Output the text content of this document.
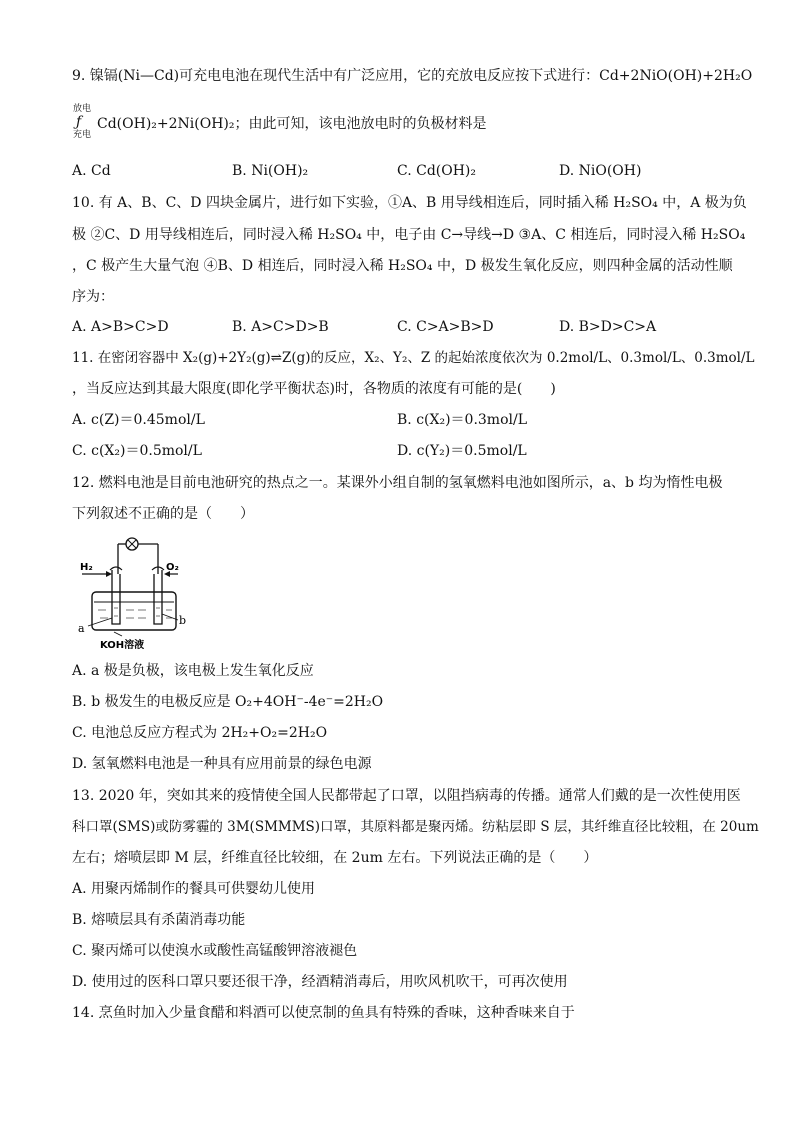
9. 镍镉(Ni—Cd)可充电电池在现代生活中有广泛应用，它的充放电反应按下式进行：Cd+2NiO(OH)+2H₂O
放电
ƒ
充电
Cd(OH)₂+2Ni(OH)₂；由此可知，该电池放电时的负极材料是
A. Cd	B. Ni(OH)₂	C. Cd(OH)₂	D. NiO(OH)
10. 有 A、B、C、D 四块金属片，进行如下实验，①A、B 用导线相连后，同时插入稀 H₂SO₄ 中，A 极为负
极 ②C、D 用导线相连后，同时浸入稀 H₂SO₄ 中，电子由 C→导线→D ③A、C 相连后，同时浸入稀 H₂SO₄
，C 极产生大量气泡 ④B、D 相连后，同时浸入稀 H₂SO₄ 中，D 极发生氧化反应，则四种金属的活动性顺
序为：
A. A>B>C>D	B. A>C>D>B	C. C>A>B>D	D. B>D>C>A
11. 在密闭容器中 X₂(g)+2Y₂(g)⇌Z(g)的反应，X₂、Y₂、Z 的起始浓度依次为 0.2mol/L、0.3mol/L、0.3mol/L
，当反应达到其最大限度(即化学平衡状态)时，各物质的浓度有可能的是(　　)
A. c(Z)＝0.45mol/L	B. c(X₂)＝0.3mol/L
C. c(X₂)＝0.5mol/L	D. c(Y₂)＝0.5mol/L
12. 燃料电池是目前电池研究的热点之一。某课外小组自制的氢氧燃料电池如图所示，a、b 均为惰性电极
下列叙述不正确的是（　　）
H₂	O₂
a
b
KOH溶液
A. a 极是负极，该电极上发生氧化反应
B. b 极发生的电极反应是 O₂+4OH⁻-4e⁻=2H₂O
C. 电池总反应方程式为 2H₂+O₂=2H₂O
D. 氢氧燃料电池是一种具有应用前景的绿色电源
13. 2020 年，突如其来的疫情使全国人民都带起了口罩，以阻挡病毒的传播。通常人们戴的是一次性使用医
科口罩(SMS)或防雾霾的 3M(SMMMS)口罩，其原料都是聚丙烯。纺粘层即 S 层，其纤维直径比较粗，在 20um
左右；熔喷层即 M 层，纤维直径比较细，在 2um 左右。下列说法正确的是（　　）
A. 用聚丙烯制作的餐具可供婴幼儿使用
B. 熔喷层具有杀菌消毒功能
C. 聚丙烯可以使溴水或酸性高锰酸钾溶液褪色
D. 使用过的医科口罩只要还很干净，经酒精消毒后，用吹风机吹干，可再次使用
14. 烹鱼时加入少量食醋和料酒可以使烹制的鱼具有特殊的香味，这种香味来自于
